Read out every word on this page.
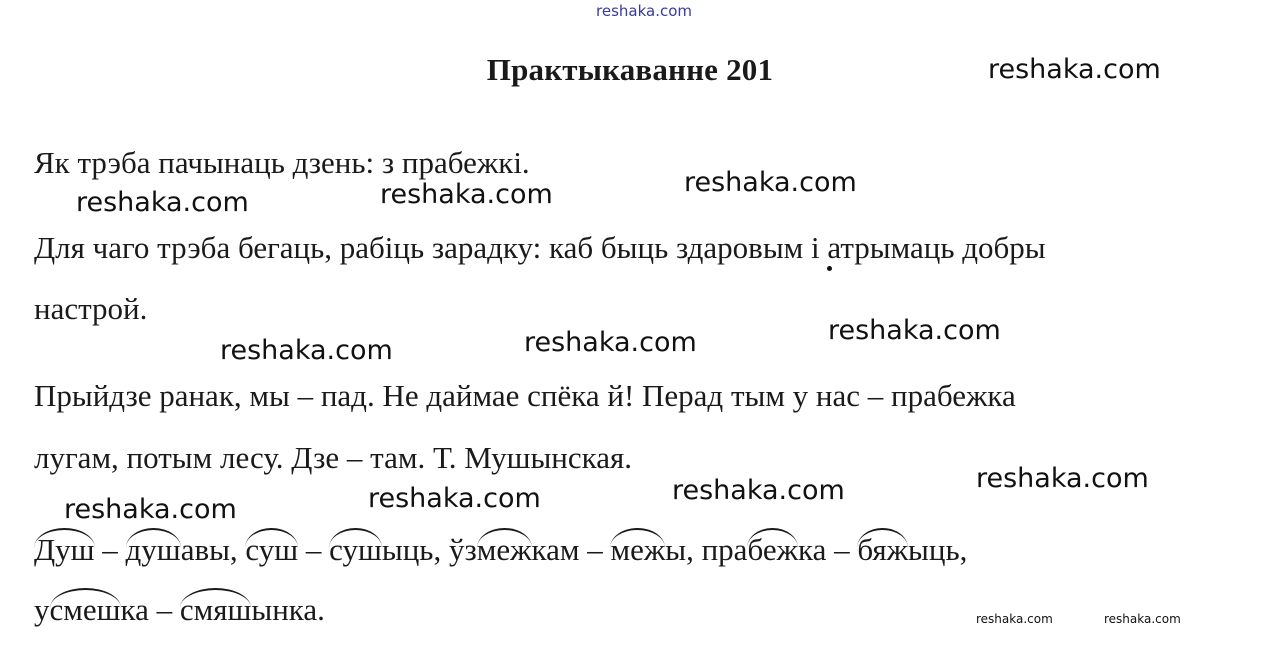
reshaka.com
Практыкаванне 201
Як трэба пачынаць дзень: з прабежкі.
Для чаго трэба бегаць, рабіць зарадку: каб быць здаровым і атрымаць добры
настрой.
Прыйдзе ранак, мы – пад. Не даймае спёка й! Перад тым у нас – прабежка
лугам, потым лесу. Дзе – там. Т. Мушынская.
Душ – душавы, суш – сушыць, ўзмежкам – межы, прабежка – бяжыць,
усмешка – смяшынка.
reshaka.com
reshaka.com
reshaka.com
reshaka.com
reshaka.com
reshaka.com
reshaka.com
reshaka.com
reshaka.com
reshaka.com
reshaka.com
reshaka.com	reshaka.com
